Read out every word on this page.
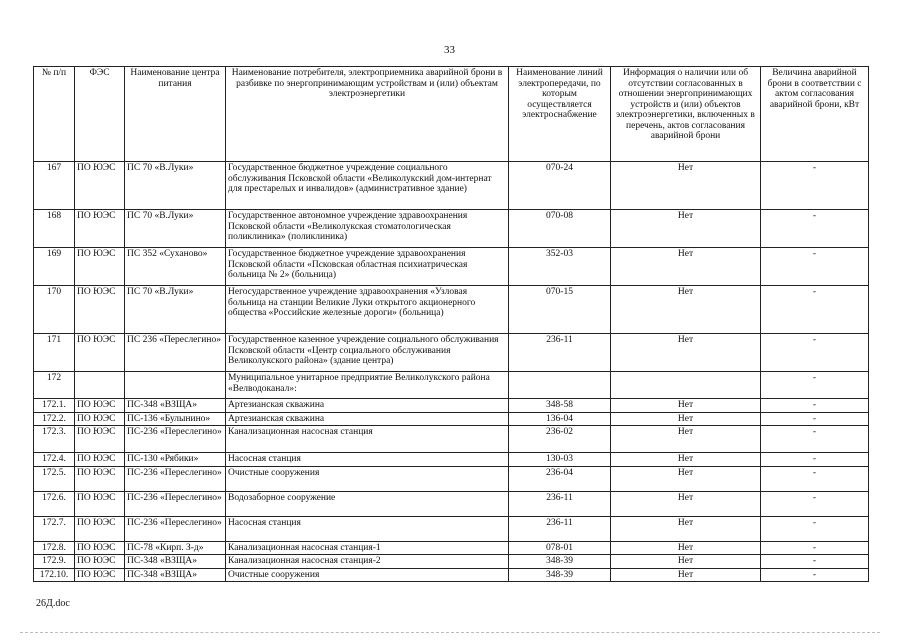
33
№ п/п	ФЭС	Наименование центра питания	Наименование потребителя, электроприемника аварийной брони в разбивке по энергопринимающим устройствам и (или) объектам электроэнергетики	Наименование линий электропередачи, по которым осуществляется электроснабжение	Информация о наличии или об отсутствии согласованных в отношении энергопринимающих устройств и (или) объектов электроэнергетики, включенных в перечень, актов согласования аварийной брони	Величина аварийной брони в соответствии с актом согласования аварийной брони, кВт
167	ПО ЮЭС	ПС 70 «В.Луки»	Государственное бюджетное учреждение социального обслуживания Псковской области «Великолукский дом-интернат для престарелых и инвалидов» (административное здание)	070-24	Нет	-
168	ПО ЮЭС	ПС 70 «В.Луки»	Государственное автономное учреждение здравоохранения Псковской области «Великолукская стоматологическая поликлиника» (поликлиника)	070-08	Нет	-
169	ПО ЮЭС	ПС 352 «Суханово»	Государственное бюджетное учреждение здравоохранения Псковской области «Псковская областная психиатрическая больница № 2» (больница)	352-03	Нет	-
170	ПО ЮЭС	ПС 70 «В.Луки»	Негосударственное учреждение здравоохранения «Узловая больница на станции Великие Луки открытого акционерного общества «Российские железные дороги» (больница)	070-15	Нет	-
171	ПО ЮЭС	ПС 236 «Переслегино»	Государственное казенное учреждение социального обслуживания Псковской области «Центр социального обслуживания Великолукского района» (здание центра)	236-11	Нет	-
172			Муниципальное унитарное предприятие Великолукского района «Велводоканал»:			-
172.1.	ПО ЮЭС	ПС-348 «ВЗЩА»	Артезианская скважина	348-58	Нет	-
172.2.	ПО ЮЭС	ПС-136 «Булынино»	Артезианская скважина	136-04	Нет	-
172.3.	ПО ЮЭС	ПС-236 «Переслегино»	Канализационная насосная станция	236-02	Нет	-
172.4.	ПО ЮЭС	ПС-130 «Рябики»	Насосная станция	130-03	Нет	-
172.5.	ПО ЮЭС	ПС-236 «Переслегино»	Очистные сооружения	236-04	Нет	-
172.6.	ПО ЮЭС	ПС-236 «Переслегино»	Водозаборное сооружение	236-11	Нет	-
172.7.	ПО ЮЭС	ПС-236 «Переслегино»	Насосная станция	236-11	Нет	-
172.8.	ПО ЮЭС	ПС-78 «Кирп. З-д»	Канализационная насосная станция-1	078-01	Нет	-
172.9.	ПО ЮЭС	ПС-348 «ВЗЩА»	Канализационная насосная станция-2	348-39	Нет	-
172.10.	ПО ЮЭС	ПС-348 «ВЗЩА»	Очистные сооружения	348-39	Нет	-
26Д.doc
